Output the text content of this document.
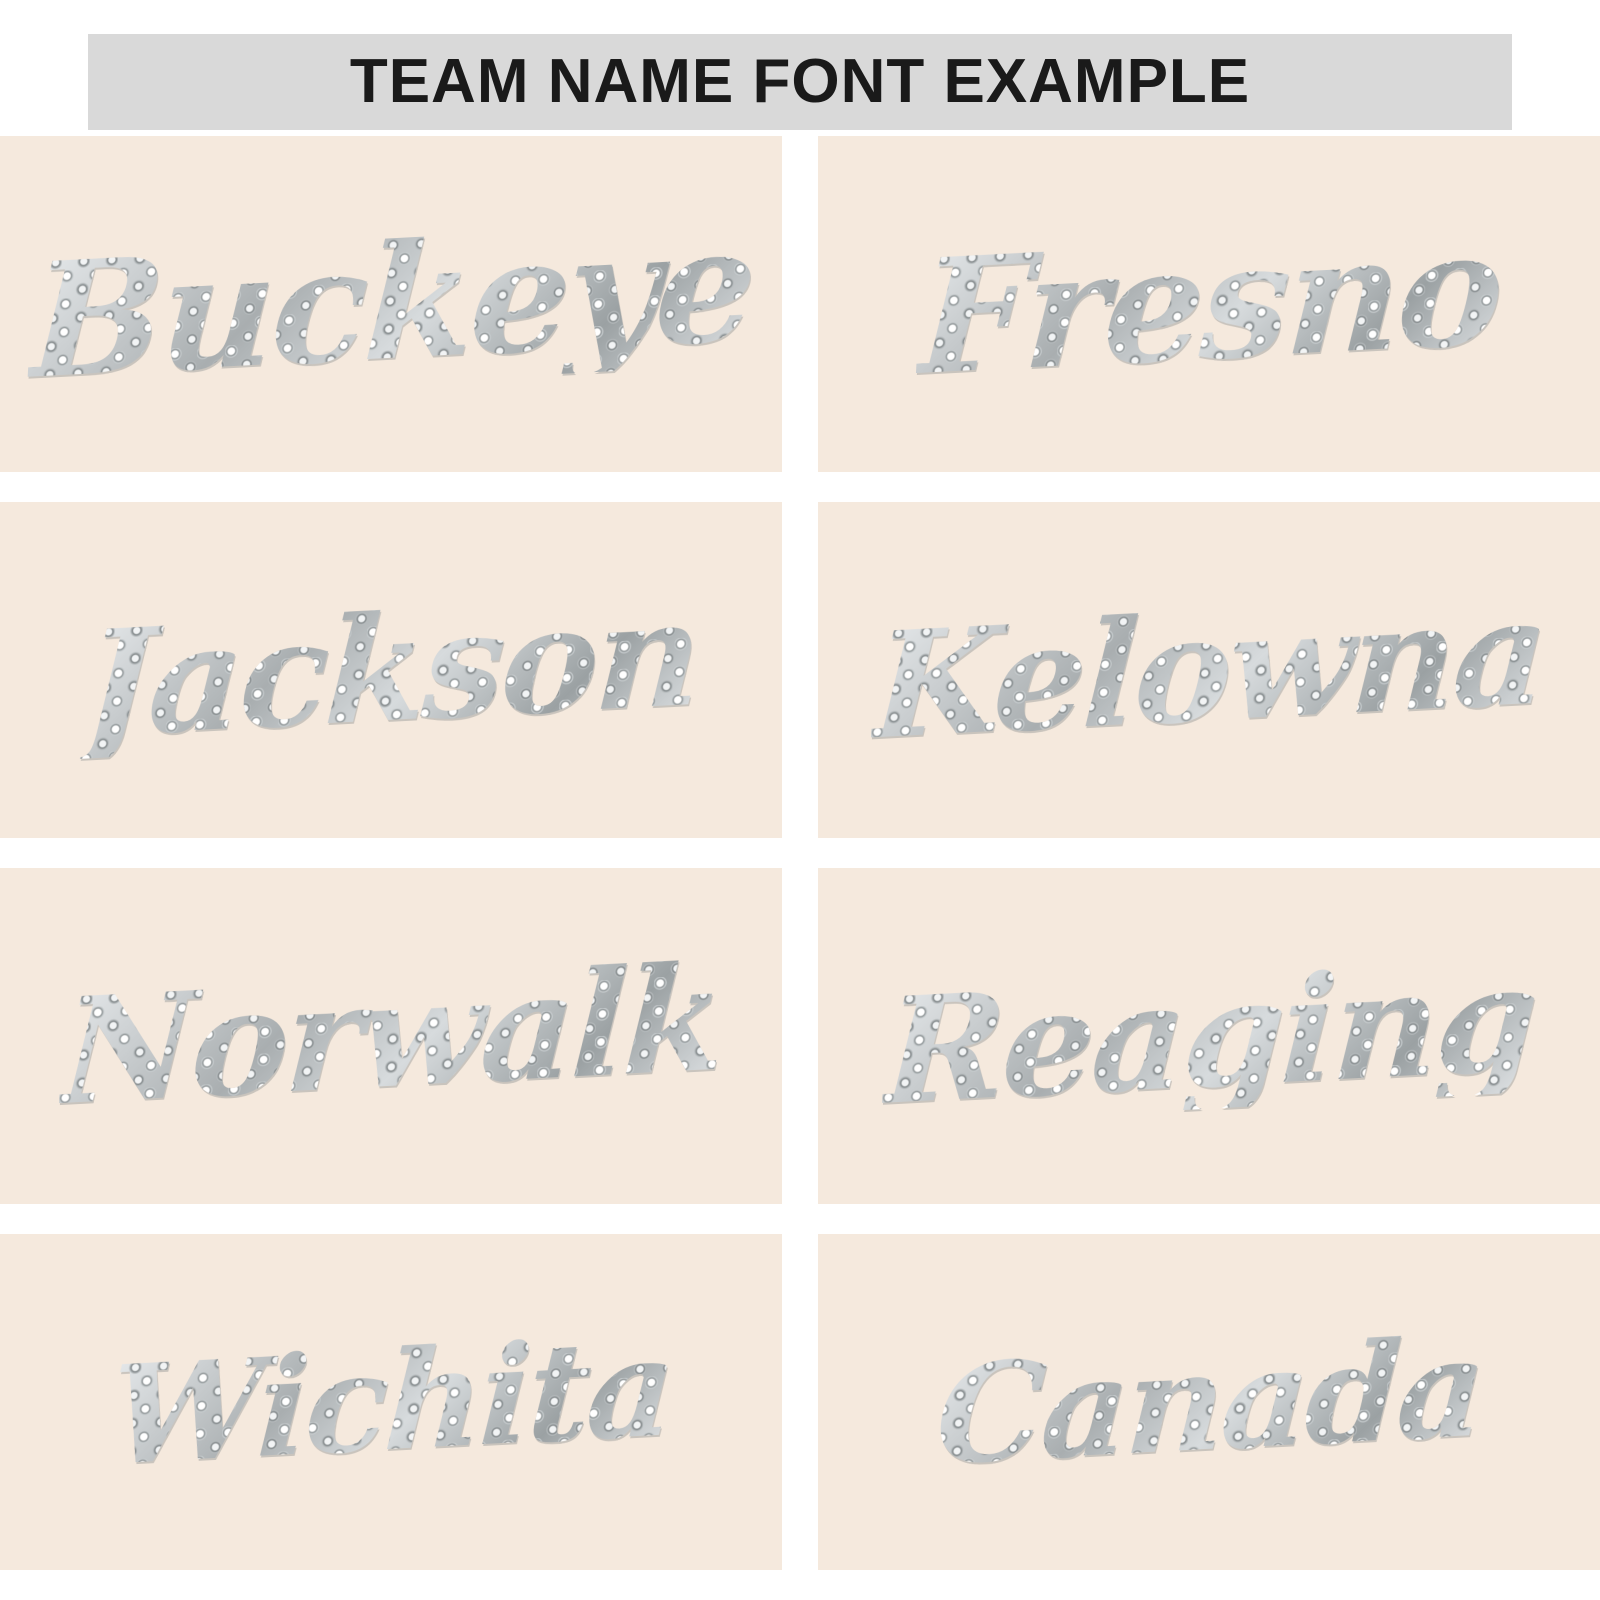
TEAM NAME FONT EXAMPLE
Buckeye Fresno
Jackson Kelowna
Norwalk Reaging
Wichita Canada
